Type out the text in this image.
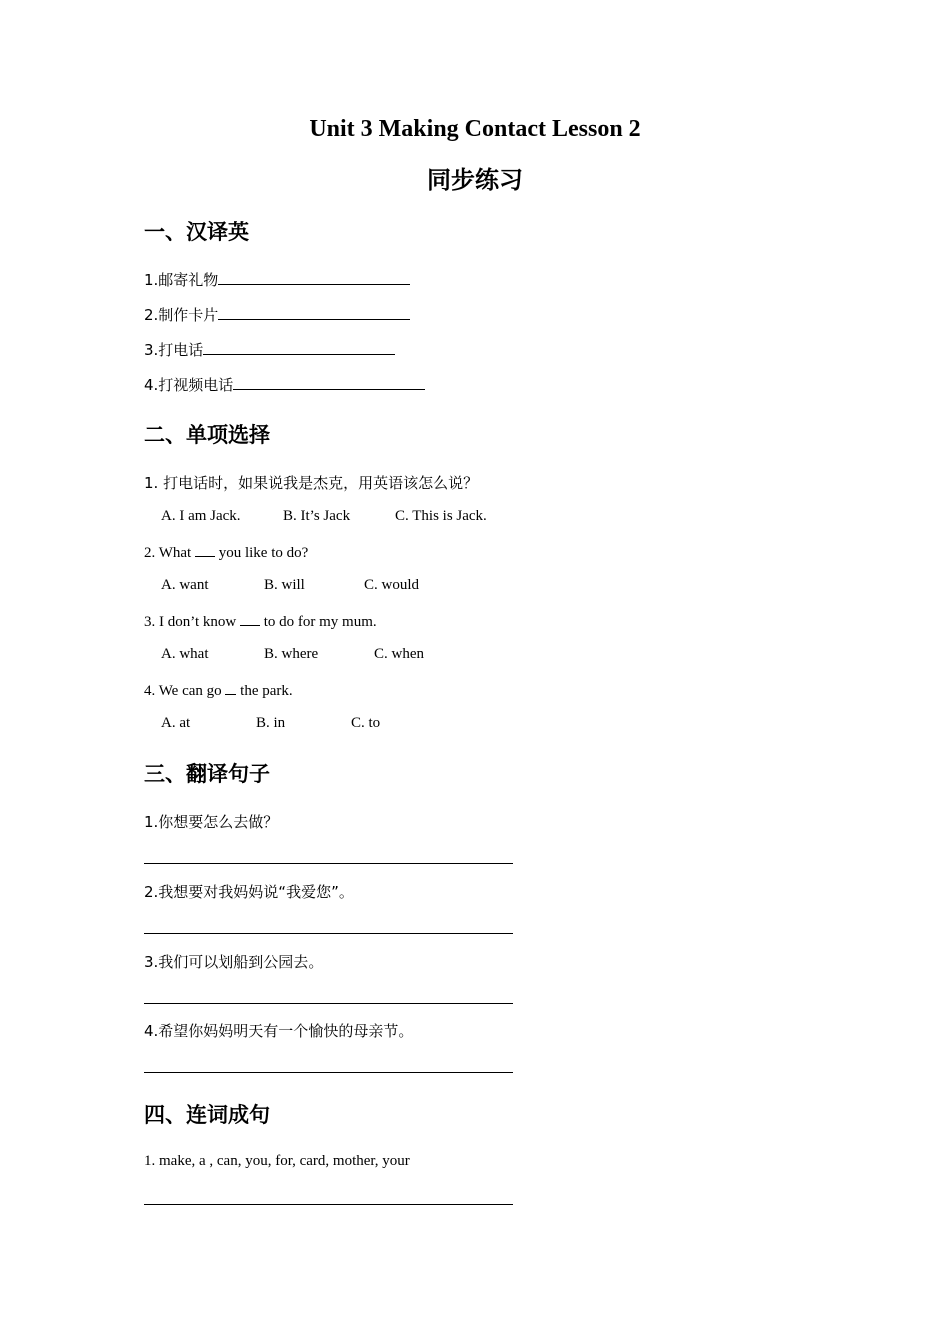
Unit 3 Making Contact Lesson 2
同步练习
一、汉译英
1.邮寄礼物
2.制作卡片
3.打电话
4.打视频电话
二、单项选择
1. 打电话时，如果说我是杰克，用英语该怎么说？
A. I am Jack.	B. It’s Jack	C. This is Jack.
2. What you like to do?
A. want	B. will	C. would
3. I don’t know to do for my mum.
A. what	B. where	C. when
4. We can go the park.
A. at	B. in	C. to
三、翻译句子
1.你想要怎么去做？
2.我想要对我妈妈说“我爱您”。
3.我们可以划船到公园去。
4.希望你妈妈明天有一个愉快的母亲节。
四、连词成句
1. make, a , can, you, for, card, mother, your
